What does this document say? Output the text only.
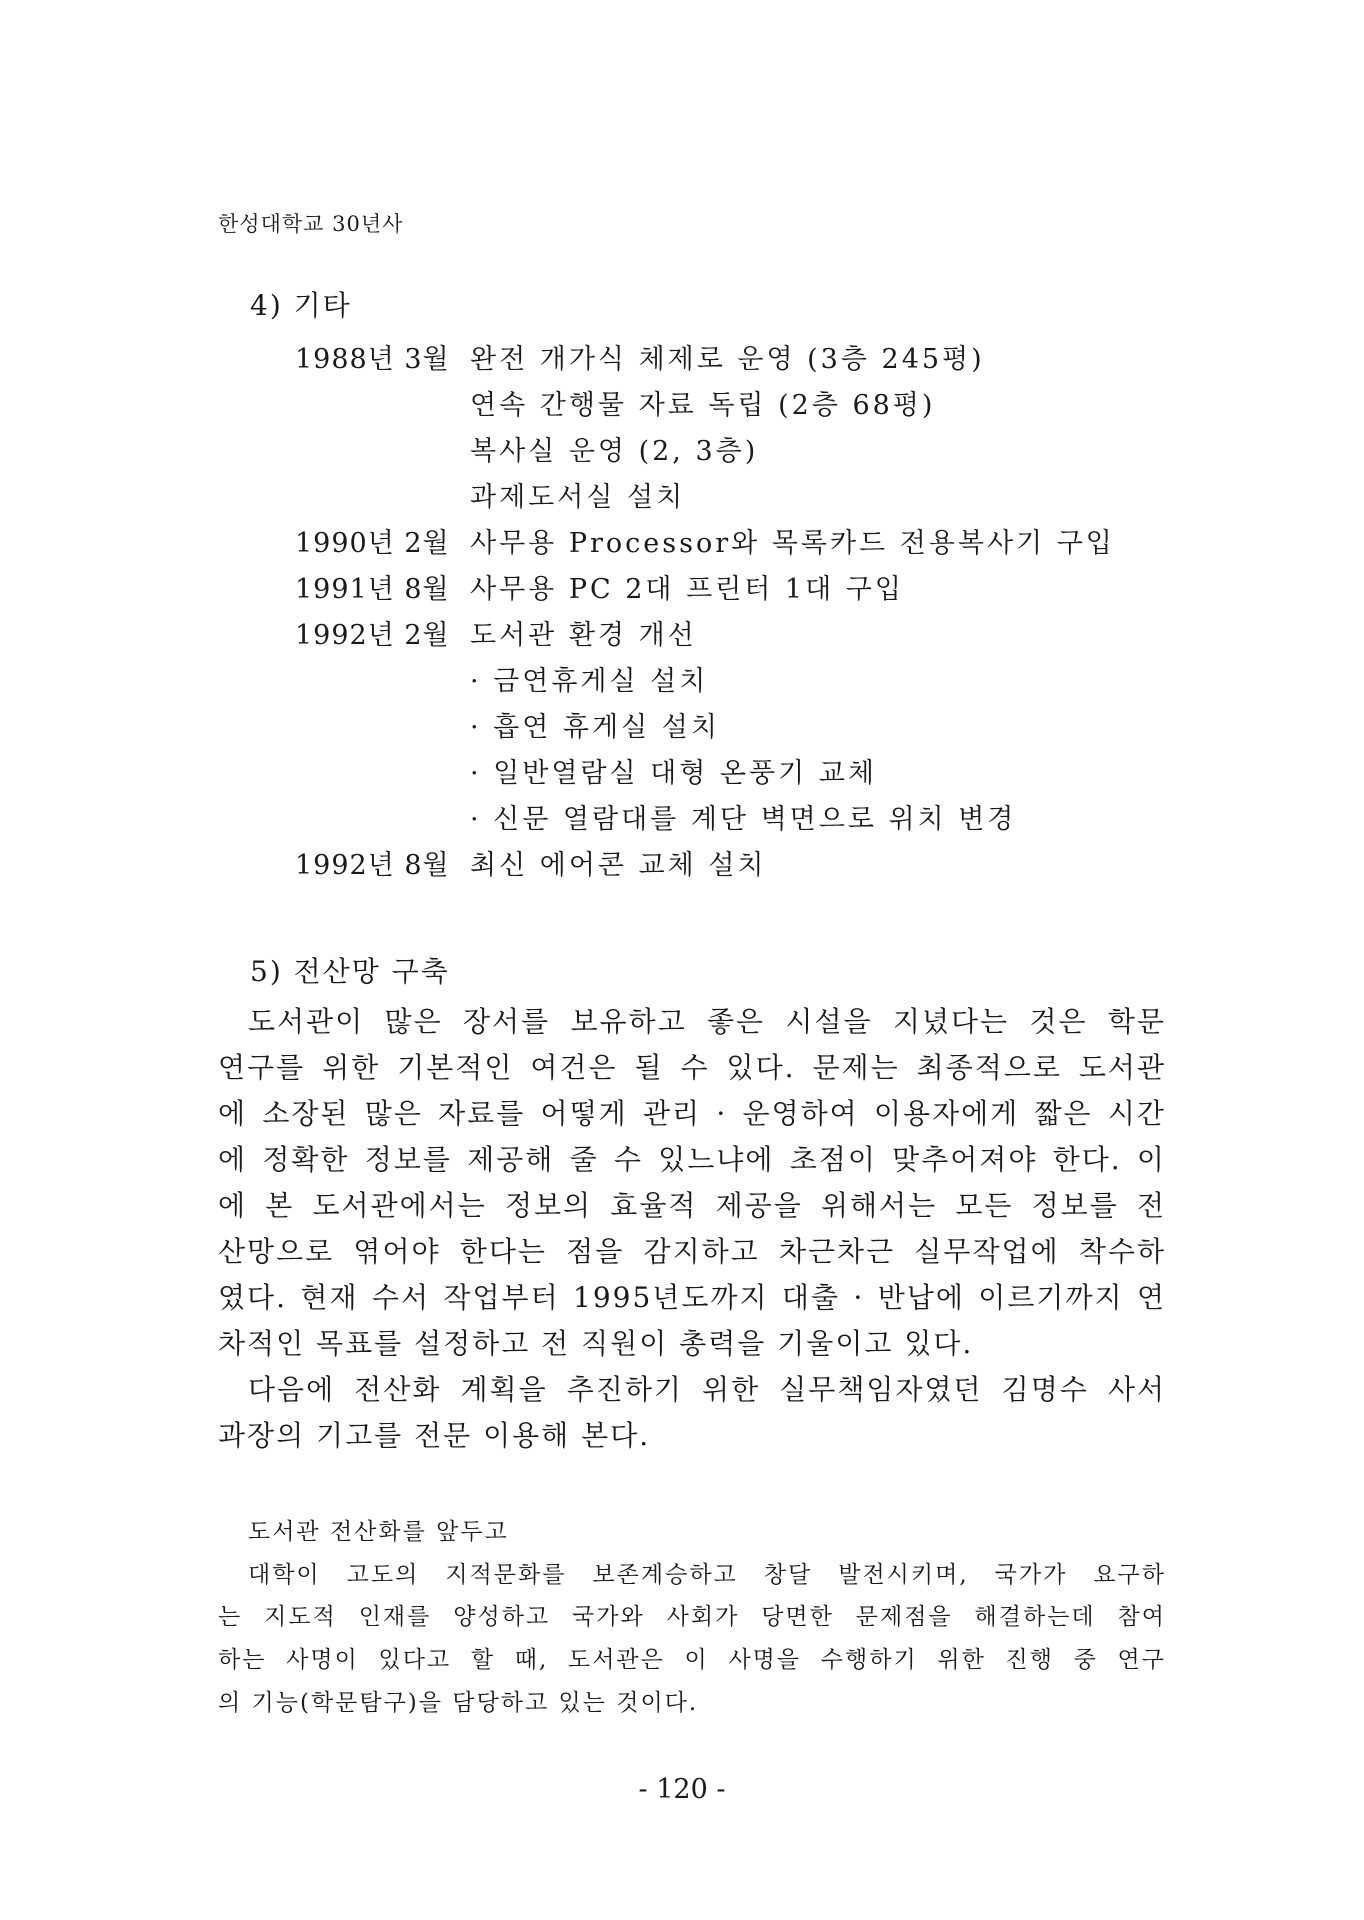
한성대학교 30년사
4) 기타
1988년 3월 완전 개가식 체제로 운영 (3층 245평)
연속 간행물 자료 독립 (2층 68평)
복사실 운영 (2, 3층)
과제도서실 설치
1990년 2월 사무용 Processor와 목록카드 전용복사기 구입
1991년 8월 사무용 PC 2대 프린터 1대 구입
1992년 2월 도서관 환경 개선
· 금연휴게실 설치
· 흡연 휴게실 설치
· 일반열람실 대형 온풍기 교체
· 신문 열람대를 계단 벽면으로 위치 변경
1992년 8월 최신 에어콘 교체 설치
5) 전산망 구축
도서관이 많은 장서를 보유하고 좋은 시설을 지녔다는 것은 학문
연구를 위한 기본적인 여건은 될 수 있다. 문제는 최종적으로 도서관
에 소장된 많은 자료를 어떻게 관리 · 운영하여 이용자에게 짧은 시간
에 정확한 정보를 제공해 줄 수 있느냐에 초점이 맞추어져야 한다. 이
에 본 도서관에서는 정보의 효율적 제공을 위해서는 모든 정보를 전
산망으로 엮어야 한다는 점을 감지하고 차근차근 실무작업에 착수하
였다. 현재 수서 작업부터 1995년도까지 대출 · 반납에 이르기까지 연
차적인 목표를 설정하고 전 직원이 총력을 기울이고 있다.
다음에 전산화 계획을 추진하기 위한 실무책임자였던 김명수 사서
과장의 기고를 전문 이용해 본다.
도서관 전산화를 앞두고
대학이 고도의 지적문화를 보존계승하고 창달 발전시키며, 국가가 요구하
는 지도적 인재를 양성하고 국가와 사회가 당면한 문제점을 해결하는데 참여
하는 사명이 있다고 할 때, 도서관은 이 사명을 수행하기 위한 진행 중 연구
의 기능(학문탐구)을 담당하고 있는 것이다.
- 120 -
